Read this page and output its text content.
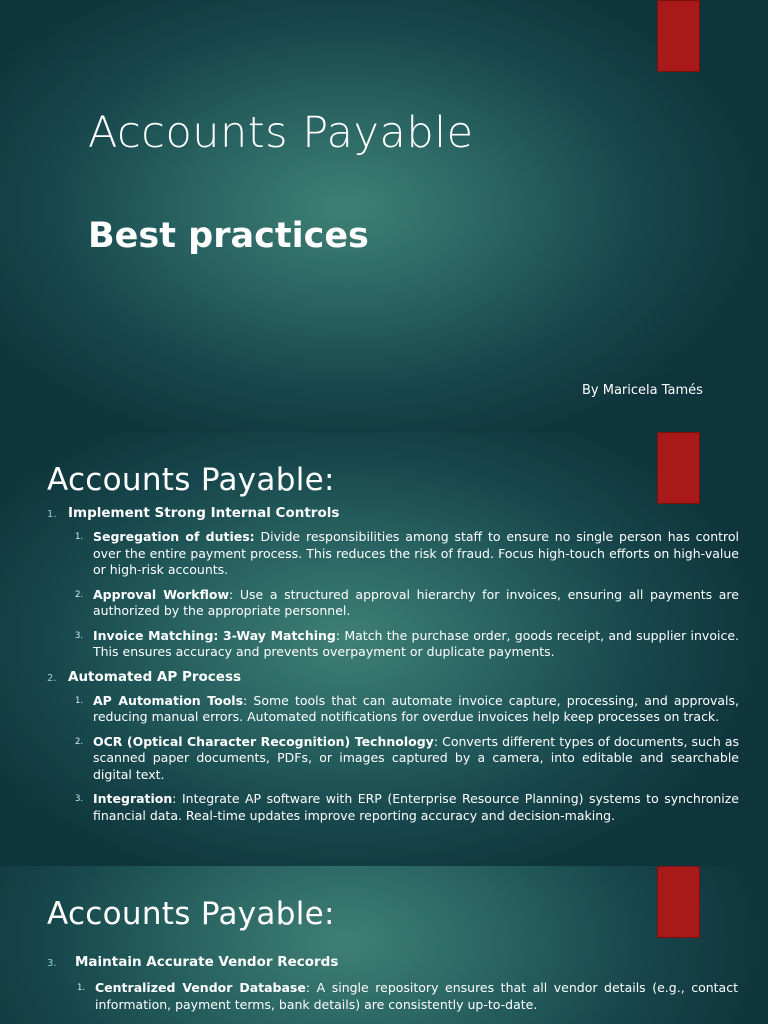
Accounts Payable
Best practices
By Maricela Tamés
Accounts Payable:
1. Implement Strong Internal Controls
1. Segregation of duties: Divide responsibilities among staff to ensure no single person has control over the entire payment process. This reduces the risk of fraud. Focus high-touch efforts on high-value or high-risk accounts.
2. Approval Workflow: Use a structured approval hierarchy for invoices, ensuring all payments are authorized by the appropriate personnel.
3. Invoice Matching: 3-Way Matching: Match the purchase order, goods receipt, and supplier invoice. This ensures accuracy and prevents overpayment or duplicate payments.
2. Automated AP Process
1. AP Automation Tools: Some tools that can automate invoice capture, processing, and approvals, reducing manual errors. Automated notifications for overdue invoices help keep processes on track.
2. OCR (Optical Character Recognition) Technology: Converts different types of documents, such as scanned paper documents, PDFs, or images captured by a camera, into editable and searchable digital text.
3. Integration: Integrate AP software with ERP (Enterprise Resource Planning) systems to synchronize financial data. Real-time updates improve reporting accuracy and decision-making.
Accounts Payable:
3.	Maintain Accurate Vendor Records
1. Centralized Vendor Database: A single repository ensures that all vendor details (e.g., contact information, payment terms, bank details) are consistently up-to-date.
